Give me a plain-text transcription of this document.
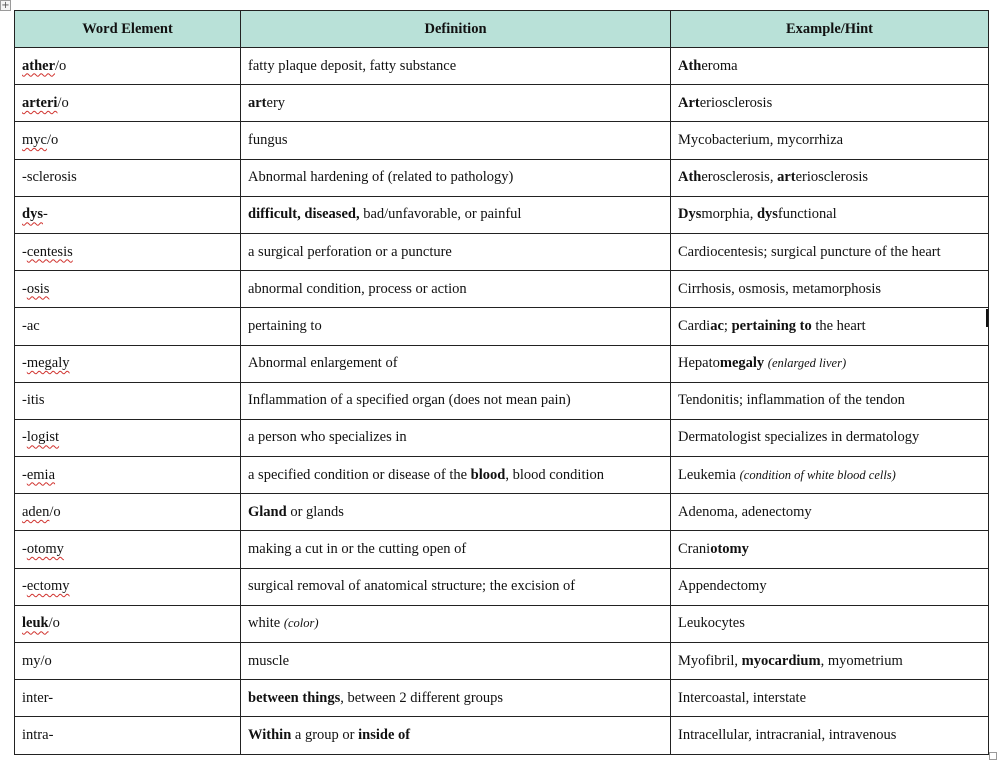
+
Word Element	Definition	Example/Hint
ather/o	fatty plaque deposit, fatty substance	Atheroma
arteri/o	artery	Arteriosclerosis
myc/o	fungus	Mycobacterium, mycorrhiza
-sclerosis	Abnormal hardening of (related to pathology)	Atherosclerosis, arteriosclerosis
dys-	difficult, diseased, bad/unfavorable, or painful	Dysmorphia, dysfunctional
-centesis	a surgical perforation or a puncture	Cardiocentesis; surgical puncture of the heart
-osis	abnormal condition, process or action	Cirrhosis, osmosis, metamorphosis
-ac	pertaining to	Cardiac; pertaining to the heart
-megaly	Abnormal enlargement of	Hepatomegaly (enlarged liver)
-itis	Inflammation of a specified organ (does not mean pain)	Tendonitis; inflammation of the tendon
-logist	a person who specializes in	Dermatologist specializes in dermatology
-emia	a specified condition or disease of the blood, blood condition	Leukemia (condition of white blood cells)
aden/o	Gland or glands	Adenoma, adenectomy
-otomy	making a cut in or the cutting open of	Craniotomy
-ectomy	surgical removal of anatomical structure; the excision of	Appendectomy
leuk/o	white (color)	Leukocytes
my/o	muscle	Myofibril, myocardium, myometrium
inter-	between things, between 2 different groups	Intercoastal, interstate
intra-	Within a group or inside of	Intracellular, intracranial, intravenous
